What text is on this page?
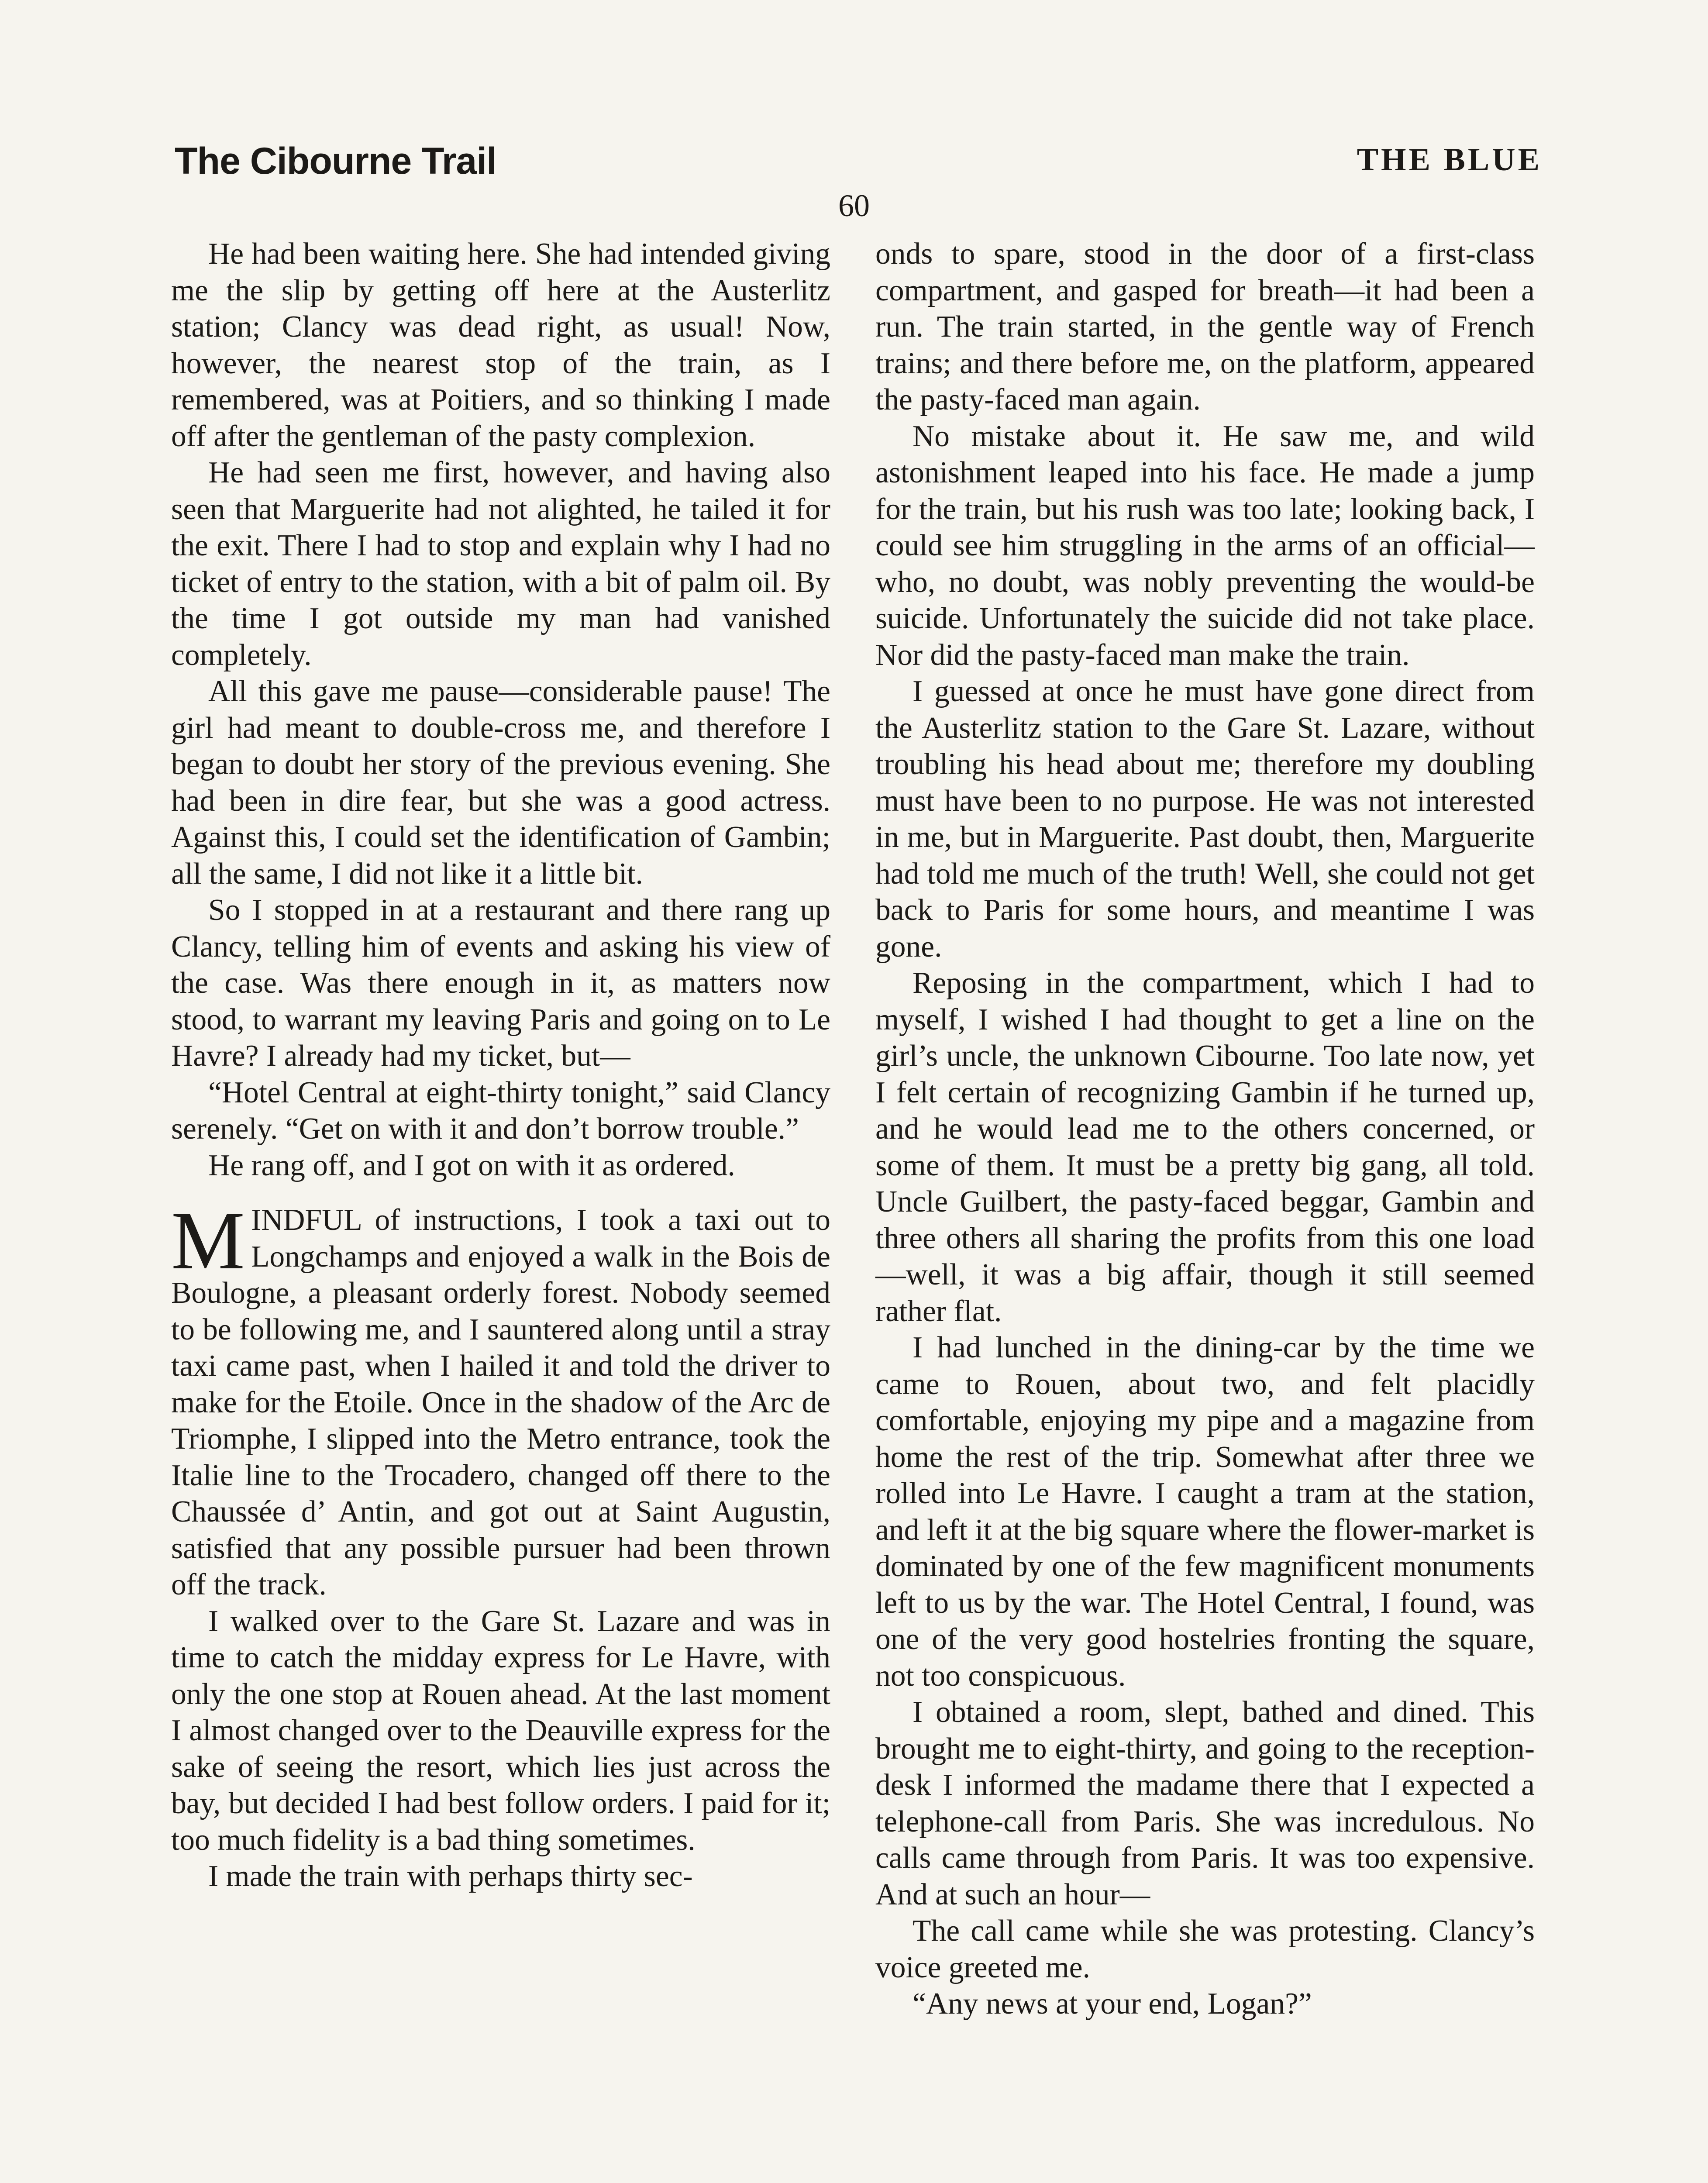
The Cibourne Trail	THE BLUE
60

He had been waiting here. She had intended giving me the slip by getting off here at the Austerlitz station; Clancy was dead right, as usual! Now, however, the nearest stop of the train, as I remembered, was at Poitiers, and so thinking I made off after the gentleman of the pasty complexion.

He had seen me first, however, and having also seen that Marguerite had not alighted, he tailed it for the exit. There I had to stop and explain why I had no ticket of entry to the station, with a bit of palm oil. By the time I got outside my man had vanished completely.

All this gave me pause—considerable pause! The girl had meant to double-cross me, and therefore I began to doubt her story of the previous evening. She had been in dire fear, but she was a good actress. Against this, I could set the identification of Gambin; all the same, I did not like it a little bit.

So I stopped in at a restaurant and there rang up Clancy, telling him of events and asking his view of the case. Was there enough in it, as matters now stood, to warrant my leaving Paris and going on to Le Havre? I already had my ticket, but—

“Hotel Central at eight-thirty tonight,” said Clancy serenely. “Get on with it and don’t borrow trouble.”

He rang off, and I got on with it as ordered.

MINDFUL of instructions, I took a taxi out to Longchamps and enjoyed a walk in the Bois de Boulogne, a pleasant orderly forest. Nobody seemed to be following me, and I sauntered along until a stray taxi came past, when I hailed it and told the driver to make for the Etoile. Once in the shadow of the Arc de Triomphe, I slipped into the Metro entrance, took the Italie line to the Trocadero, changed off there to the Chaussée d’ Antin, and got out at Saint Augustin, satisfied that any possible pursuer had been thrown off the track.

I walked over to the Gare St. Lazare and was in time to catch the midday express for Le Havre, with only the one stop at Rouen ahead. At the last moment I almost changed over to the Deauville express for the sake of seeing the resort, which lies just across the bay, but decided I had best follow orders. I paid for it; too much fidelity is a bad thing sometimes.

I made the train with perhaps thirty sec-

onds to spare, stood in the door of a first-class compartment, and gasped for breath—it had been a run. The train started, in the gentle way of French trains; and there before me, on the platform, appeared the pasty-faced man again.

No mistake about it. He saw me, and wild astonishment leaped into his face. He made a jump for the train, but his rush was too late; looking back, I could see him struggling in the arms of an official—who, no doubt, was nobly preventing the would-be suicide. Unfortunately the suicide did not take place. Nor did the pasty-faced man make the train.

I guessed at once he must have gone direct from the Austerlitz station to the Gare St. Lazare, without troubling his head about me; therefore my doubling must have been to no purpose. He was not interested in me, but in Marguerite. Past doubt, then, Marguerite had told me much of the truth! Well, she could not get back to Paris for some hours, and meantime I was gone.

Reposing in the compartment, which I had to myself, I wished I had thought to get a line on the girl’s uncle, the unknown Cibourne. Too late now, yet I felt certain of recognizing Gambin if he turned up, and he would lead me to the others concerned, or some of them. It must be a pretty big gang, all told. Uncle Guilbert, the pasty-faced beggar, Gambin and three others all sharing the profits from this one load—well, it was a big affair, though it still seemed rather flat.

I had lunched in the dining-car by the time we came to Rouen, about two, and felt placidly comfortable, enjoying my pipe and a magazine from home the rest of the trip. Somewhat after three we rolled into Le Havre. I caught a tram at the station, and left it at the big square where the flower-market is dominated by one of the few magnificent monuments left to us by the war. The Hotel Central, I found, was one of the very good hostelries fronting the square, not too conspicuous.

I obtained a room, slept, bathed and dined. This brought me to eight-thirty, and going to the reception-desk I informed the madame there that I expected a telephone-call from Paris. She was incredulous. No calls came through from Paris. It was too expensive. And at such an hour—

The call came while she was protesting. Clancy’s voice greeted me.

“Any news at your end, Logan?”
